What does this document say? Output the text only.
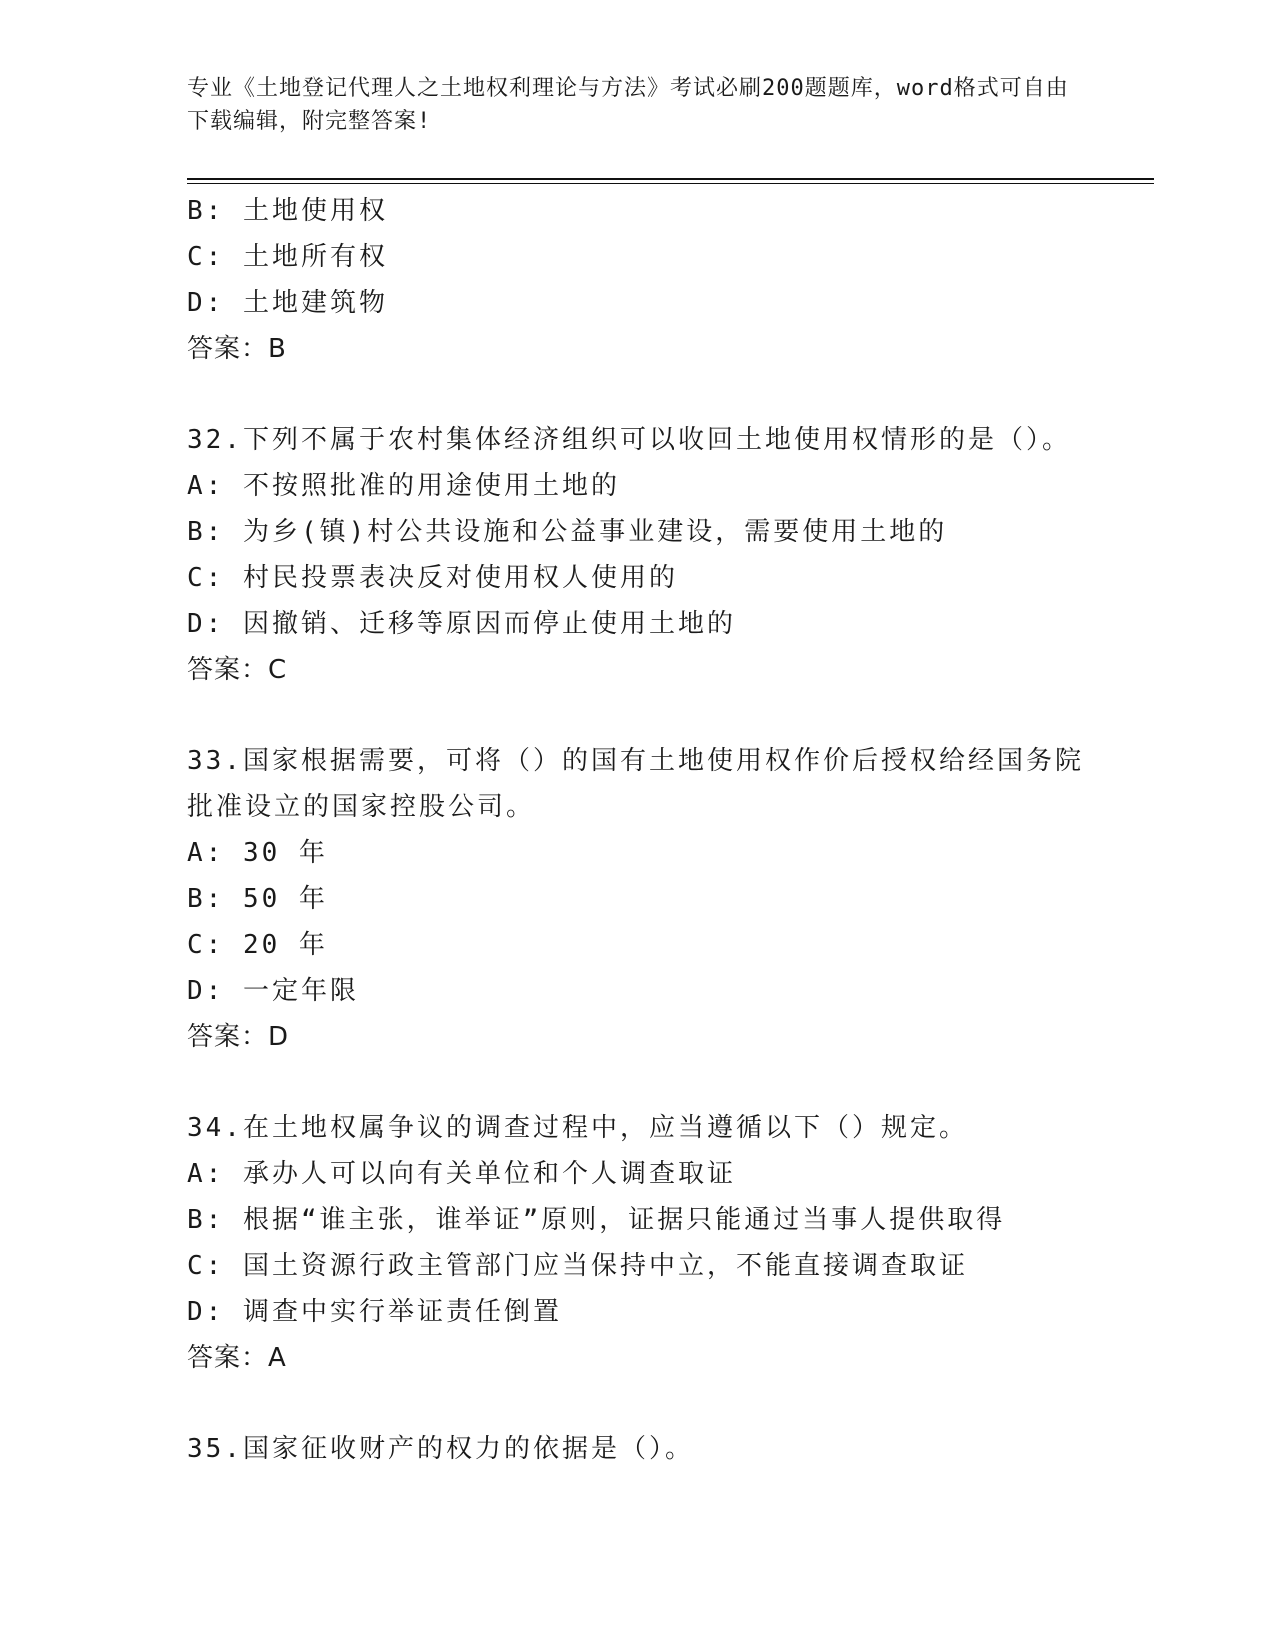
专业《土地登记代理人之土地权利理论与方法》考试必刷200题题库，word格式可自由下载编辑，附完整答案!
B: 土地使用权
C: 土地所有权
D: 土地建筑物
答案：B
32.下列不属于农村集体经济组织可以收回土地使用权情形的是（）。
A: 不按照批准的用途使用土地的
B: 为乡(镇)村公共设施和公益事业建设，需要使用土地的
C: 村民投票表决反对使用权人使用的
D: 因撤销、迁移等原因而停止使用土地的
答案：C
33.国家根据需要，可将（）的国有土地使用权作价后授权给经国务院批准设立的国家控股公司。
A: 30 年
B: 50 年
C: 20 年
D: 一定年限
答案：D
34.在土地权属争议的调查过程中，应当遵循以下（）规定。
A: 承办人可以向有关单位和个人调查取证
B: 根据“谁主张，谁举证”原则，证据只能通过当事人提供取得
C: 国土资源行政主管部门应当保持中立，不能直接调查取证
D: 调查中实行举证责任倒置
答案：A
35.国家征收财产的权力的依据是（）。
